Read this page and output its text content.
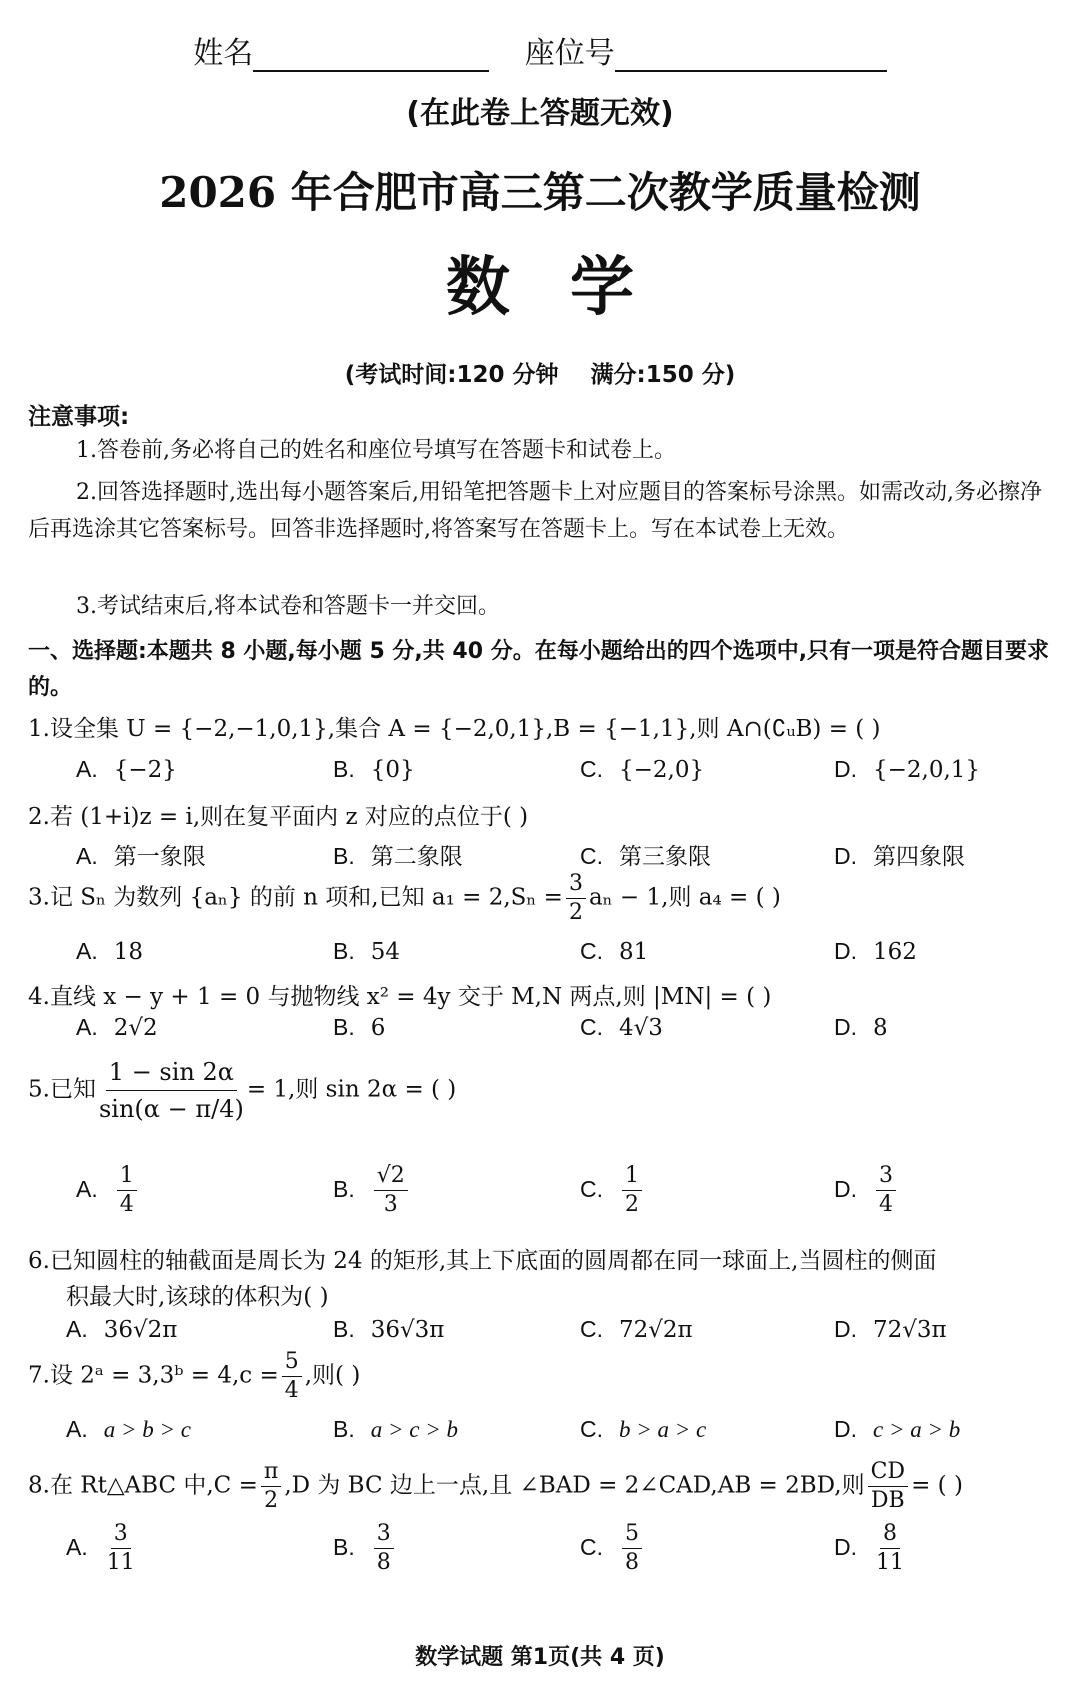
姓名	座位号
(在此卷上答题无效)
2026 年合肥市高三第二次教学质量检测
数学
(考试时间:120 分钟 满分:150 分)
注意事项:
1.答卷前,务必将自己的姓名和座位号填写在答题卡和试卷上。
2.回答选择题时,选出每小题答案后,用铅笔把答题卡上对应题目的答案标号涂黑。如需改动,务必擦净后再选涂其它答案标号。回答非选择题时,将答案写在答题卡上。写在本试卷上无效。
3.考试结束后,将本试卷和答题卡一并交回。
一、选择题:本题共 8 小题,每小题 5 分,共 40 分。在每小题给出的四个选项中,只有一项是符合题目要求的。
1.设全集 U = {−2,−1,0,1},集合 A = {−2,0,1},B = {−1,1},则 A∩(∁ᵤB) = ( )
A. {−2}	B. {0}	C. {−2,0}	D. {−2,0,1}
2.若 (1+i)z = i,则在复平面内 z 对应的点位于( )
A. 第一象限	B. 第二象限	C. 第三象限	D. 第四象限
3.记 Sₙ 为数列 {aₙ} 的前 n 项和,已知 $a_1 = 2,S_n = \frac{3}{2}$ aₙ − 1,则 a₄ = ( )
A. 18	B. 54	C. 81	D. 162
4.直线 x − y + 1 = 0 与抛物线 x² = 4y 交于 M,N 两点,则 |MN| = ( )
A. 2√2	B. 6	C. 4√3	D. 8
5.已知 $\frac{1 - \sin 2\alpha}{\sin(\alpha - \pi/4)} = 1$,则 sin 2α = ( )
A. $\frac{1}{4}$	B. $\frac{√2}{3}$	C. $\frac{1}{2}$	D. $\frac{3}{4}$
6.已知圆柱的轴截面是周长为 24 的矩形,其上下底面的圆周都在同一球面上,当圆柱的侧面
积最大时,该球的体积为( )
A. 36√2π	B. 36√3π	C. 72√2π	D. 72√3π
7.设 2ᵃ = 3,3ᵇ = $4,c = \frac{5}{4}$ ,则( )
A. a > b > c	B. a > c > b	C. b > a > c	D. c > a > b
8.在 Rt△ABC 中$,C = \frac{\pi}{2} ,D$ 为 BC 边上一点,且 ∠BAD = 2∠CAD,AB = 2BD,则 $\frac{CD}{DB}$ = ( )
A. $\frac{3}{11}$	B. $\frac{3}{8}$	C. $\frac{5}{8}$	D. $\frac{8}{11}$
数学试题 第1页(共 4 页)
